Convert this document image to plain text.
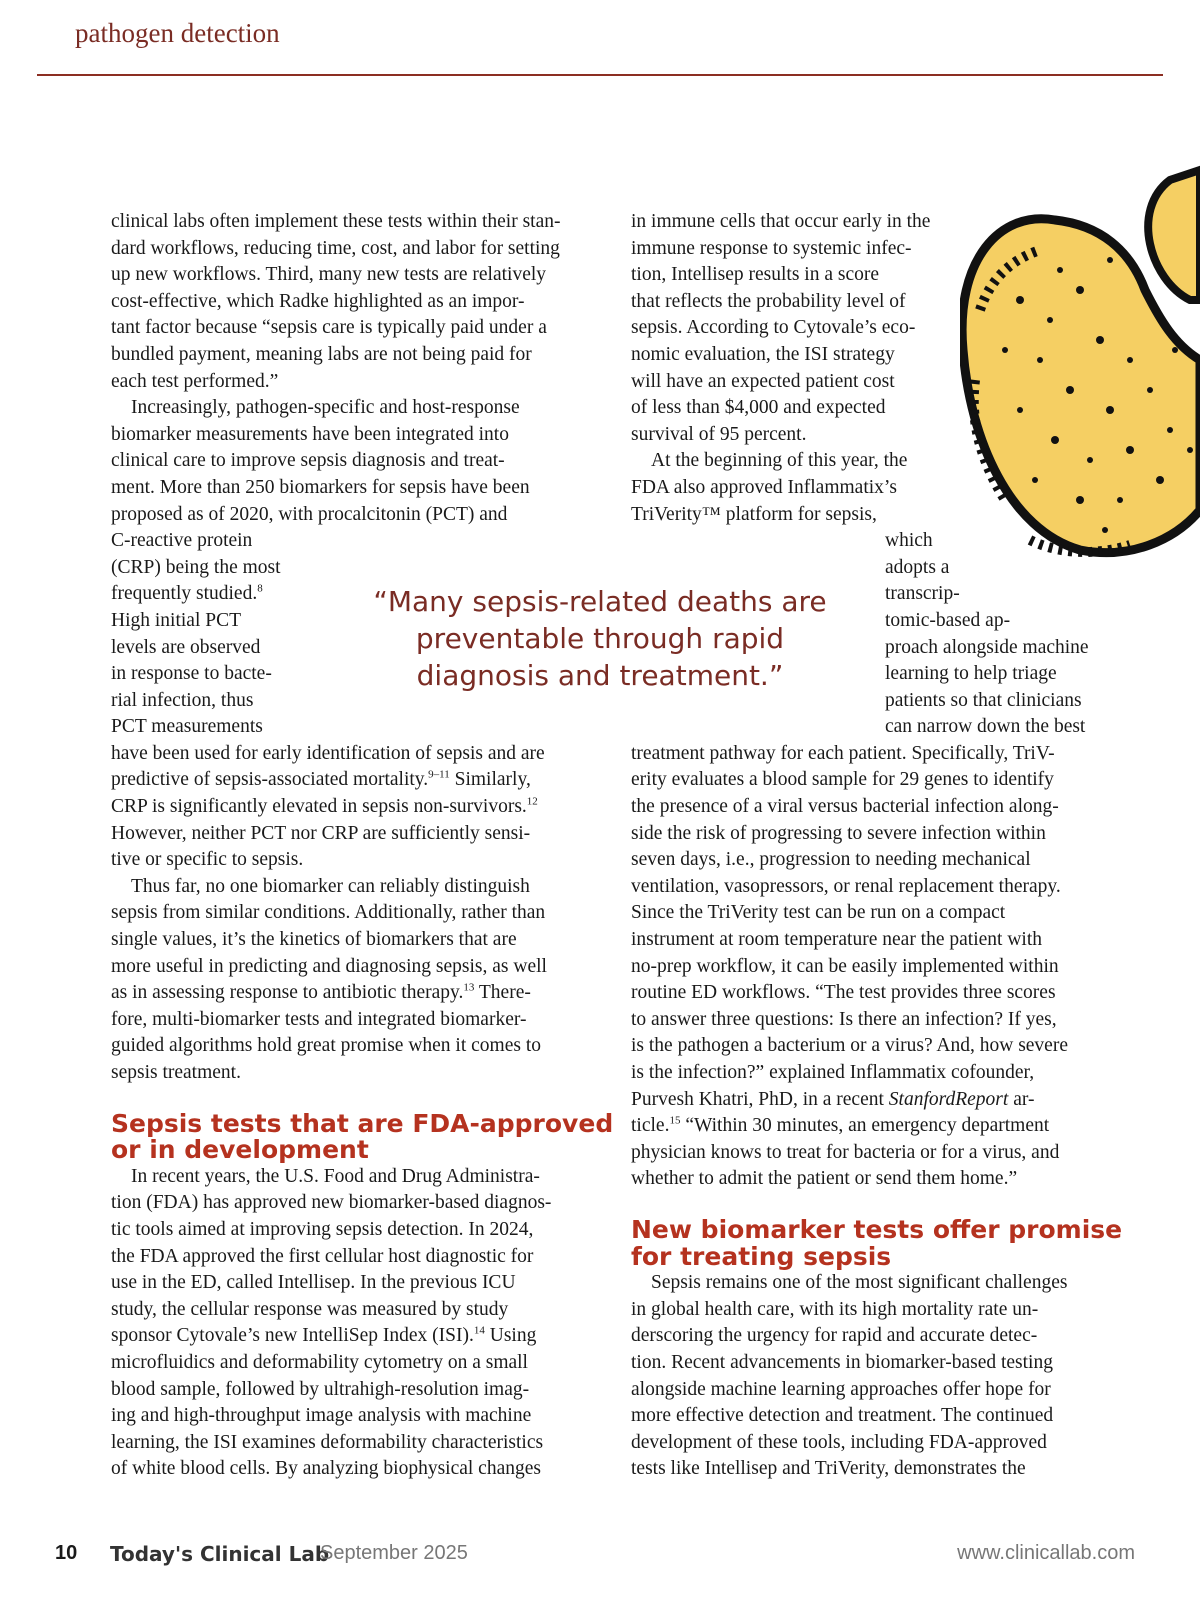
pathogen detection

clinical labs often implement these tests within their stan-
dard workflows, reducing time, cost, and labor for setting
up new workflows. Third, many new tests are relatively
cost-effective, which Radke highlighted as an impor-
tant factor because “sepsis care is typically paid under a
bundled payment, meaning labs are not being paid for
each test performed.”

Increasingly, pathogen-specific and host-response
biomarker measurements have been integrated into
clinical care to improve sepsis diagnosis and treat-
ment. More than 250 biomarkers for sepsis have been
proposed as of 2020, with procalcitonin (PCT) and
C-reactive protein
(CRP) being the most
frequently studied.$^8$
High initial PCT
levels are observed
in response to bacte-
rial infection, thus
PCT measurements
have been used for early identification of sepsis and are
predictive of sepsis-associated mortality.$^{9-11}$ Similarly,
CRP is significantly elevated in sepsis non-survivors.$^{12}$
However, neither PCT nor CRP are sufficiently sensi-
tive or specific to sepsis.

Thus far, no one biomarker can reliably distinguish
sepsis from similar conditions. Additionally, rather than
single values, it’s the kinetics of biomarkers that are
more useful in predicting and diagnosing sepsis, as well
as in assessing response to antibiotic therapy.$^{13}$ There-
fore, multi-biomarker tests and integrated biomarker-
guided algorithms hold great promise when it comes to
sepsis treatment.

Sepsis tests that are FDA-approved
or in development

In recent years, the U.S. Food and Drug Administra-
tion (FDA) has approved new biomarker-based diagnos-
tic tools aimed at improving sepsis detection. In 2024,
the FDA approved the first cellular host diagnostic for
use in the ED, called Intellisep. In the previous ICU
study, the cellular response was measured by study
sponsor Cytovale’s new IntelliSep Index (ISI).$^{14}$ Using
microfluidics and deformability cytometry on a small
blood sample, followed by ultrahigh-resolution imag-
ing and high-throughput image analysis with machine
learning, the ISI examines deformability characteristics
of white blood cells. By analyzing biophysical changes

“Many sepsis-related deaths are
preventable through rapid
diagnosis and treatment.”

in immune cells that occur early in the
immune response to systemic infec-
tion, Intellisep results in a score
that reflects the probability level of
sepsis. According to Cytovale’s eco-
nomic evaluation, the ISI strategy
will have an expected patient cost
of less than $4,000 and expected
survival of 95 percent.

At the beginning of this year, the
FDA also approved Inflammatix’s
TriVerity™ platform for sepsis,
which
adopts a
transcrip-
tomic-based ap-
proach alongside machine
learning to help triage
patients so that clinicians
can narrow down the best
treatment pathway for each patient. Specifically, TriV-
erity evaluates a blood sample for 29 genes to identify
the presence of a viral versus bacterial infection along-
side the risk of progressing to severe infection within
seven days, i.e., progression to needing mechanical
ventilation, vasopressors, or renal replacement therapy.
Since the TriVerity test can be run on a compact
instrument at room temperature near the patient with
no-prep workflow, it can be easily implemented within
routine ED workflows. “The test provides three scores
to answer three questions: Is there an infection? If yes,
is the pathogen a bacterium or a virus? And, how severe
is the infection?” explained Inflammatix cofounder,
Purvesh Khatri, PhD, in a recent StanfordReport ar-
ticle.$^{15}$ “Within 30 minutes, an emergency department
physician knows to treat for bacteria or for a virus, and
whether to admit the patient or send them home.”

New biomarker tests offer promise
for treating sepsis

Sepsis remains one of the most significant challenges
in global health care, with its high mortality rate un-
derscoring the urgency for rapid and accurate detec-
tion. Recent advancements in biomarker-based testing
alongside machine learning approaches offer hope for
more effective detection and treatment. The continued
development of these tools, including FDA-approved
tests like Intellisep and TriVerity, demonstrates the

10 Today's Clinical Lab
September 2025	www.clinicallab.com
